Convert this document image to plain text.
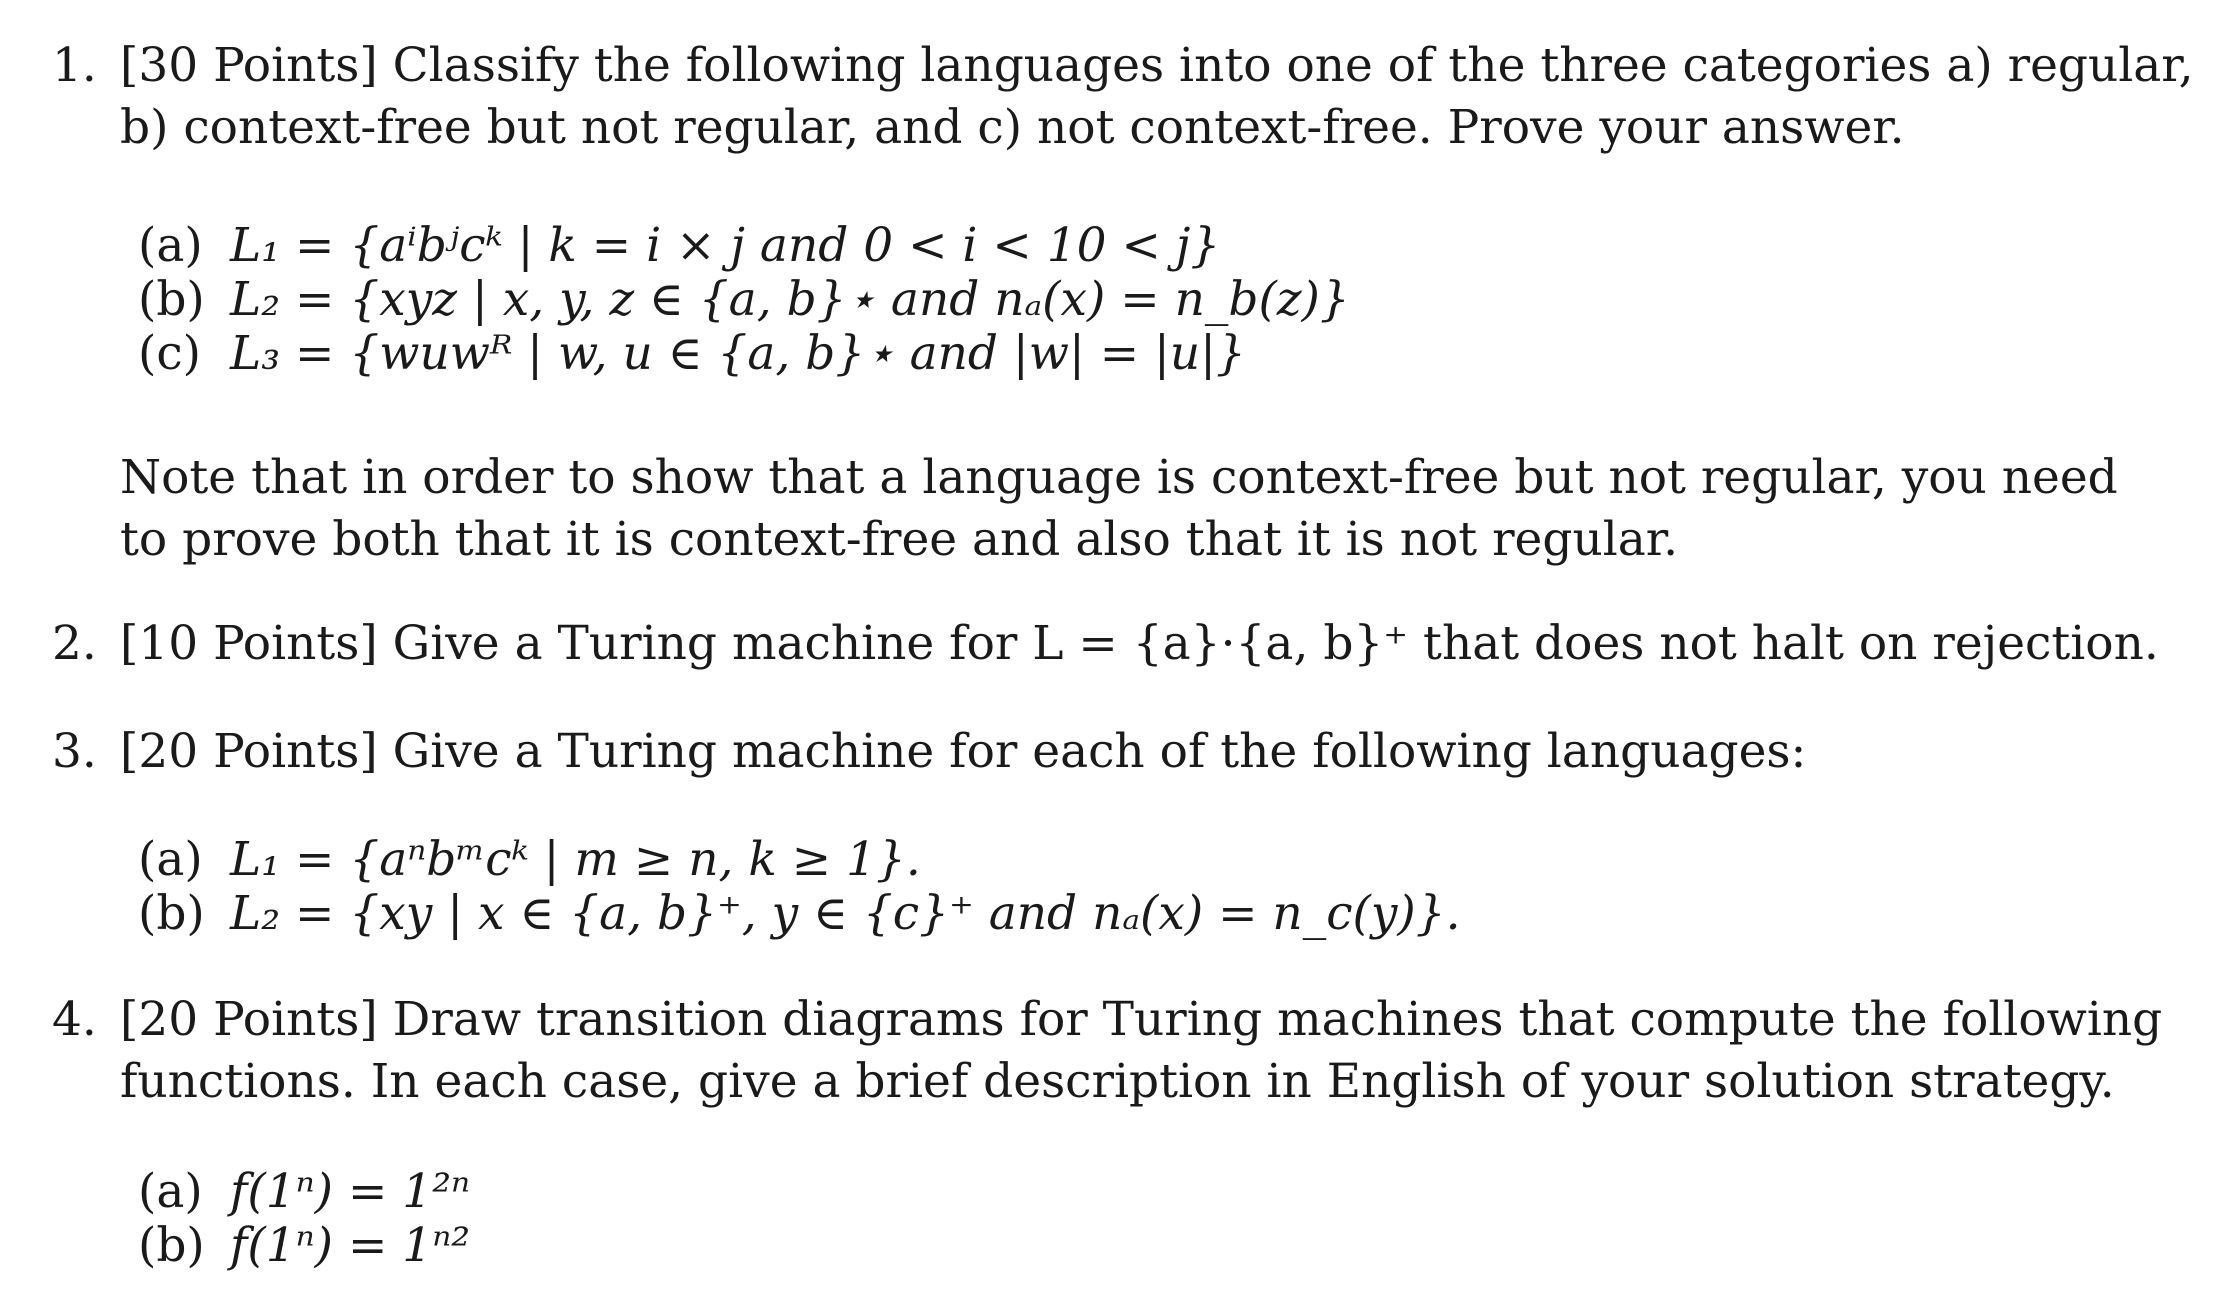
1. [30 Points] Classify the following languages into one of the three categories a) regular,
b) context-free but not regular, and c) not context-free. Prove your answer.
(a) L₁ = {aⁱbʲcᵏ | k = i × j and 0 < i < 10 < j}
(b) L₂ = {xyz | x, y, z ∈ {a, b}⋆ and nₐ(x) = n_b(z)}
(c) L₃ = {wuwᴿ | w, u ∈ {a, b}⋆ and |w| = |u|}
Note that in order to show that a language is context-free but not regular, you need
to prove both that it is context-free and also that it is not regular.
2. [10 Points] Give a Turing machine for L = {a}·{a, b}⁺ that does not halt on rejection.
3. [20 Points] Give a Turing machine for each of the following languages:
(a) L₁ = {aⁿbᵐcᵏ | m ≥ n, k ≥ 1}.
(b) L₂ = {xy | x ∈ {a, b}⁺, y ∈ {c}⁺ and nₐ(x) = n_c(y)}.
4. [20 Points] Draw transition diagrams for Turing machines that compute the following
functions. In each case, give a brief description in English of your solution strategy.
(a) f(1ⁿ) = 1²ⁿ
(b) f(1ⁿ) = 1ⁿ²
